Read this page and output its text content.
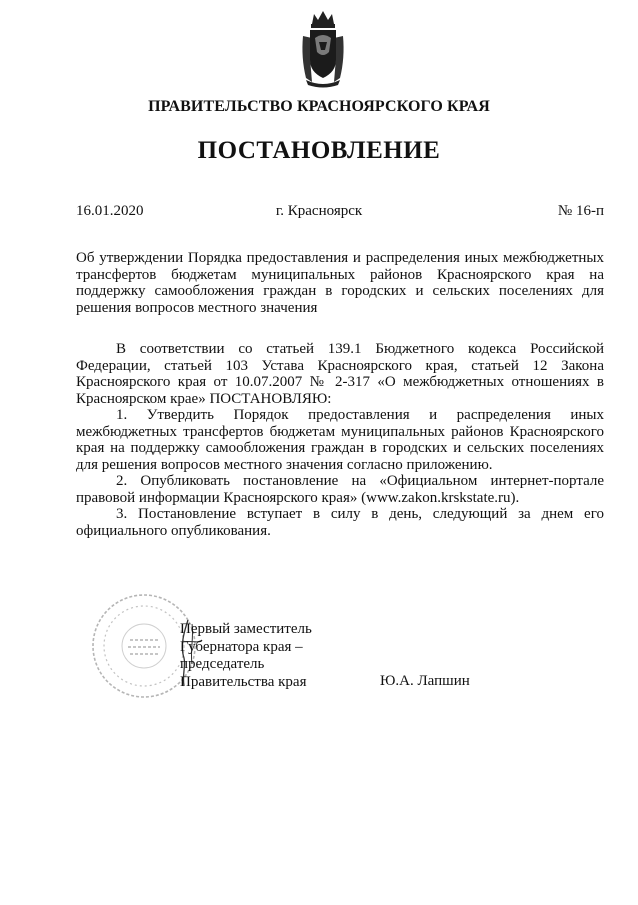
ПРАВИТЕЛЬСТВО КРАСНОЯРСКОГО КРАЯ
ПОСТАНОВЛЕНИЕ
16.01.2020	г. Красноярск	№ 16-п

Об утверждении Порядка предоставления и распределения иных межбюджетных трансфертов бюджетам муниципальных районов Красноярского края на поддержку самообложения граждан в городских и сельских поселениях для решения вопросов местного значения

В соответствии со статьей 139.1 Бюджетного кодекса Российской Федерации, статьей 103 Устава Красноярского края, статьей 12 Закона Красноярского края от 10.07.2007 № 2-317 «О межбюджетных отношениях в Красноярском крае» ПОСТАНОВЛЯЮ:

1. Утвердить Порядок предоставления и распределения иных межбюджетных трансфертов бюджетам муниципальных районов Красноярского края на поддержку самообложения граждан в городских и сельских поселениях для решения вопросов местного значения согласно приложению.

2. Опубликовать постановление на «Официальном интернет-портале правовой информации Красноярского края» (www.zakon.krskstate.ru).

3. Постановление вступает в силу в день, следующий за днем его официального опубликования.

Первый заместитель
Губернатора края –
председатель
Правительства края	Ю.А. Лапшин
